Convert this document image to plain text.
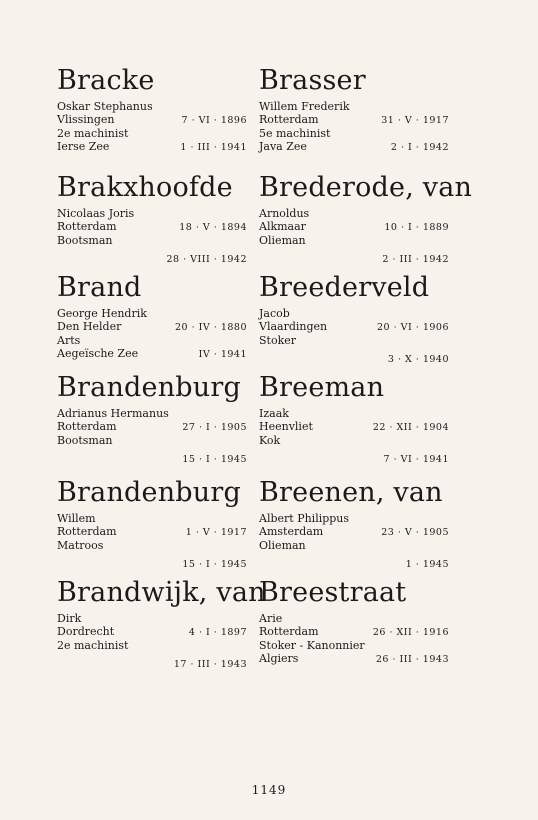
Bracke
Oskar Stephanus
Vlissingen	7 · VI · 1896
2e machinist
Ierse Zee	1 · III · 1941
Brakxhoofde
Nicolaas Joris
Rotterdam	18 · V · 1894
Bootsman
28 · VIII · 1942
Brand
George Hendrik
Den Helder	20 · IV · 1880
Arts
Aegeïsche Zee	IV · 1941
Brandenburg
Adrianus Hermanus
Rotterdam	27 · I · 1905
Bootsman
15 · I · 1945
Brandenburg
Willem
Rotterdam	1 · V · 1917
Matroos
15 · I · 1945
Brandwijk, van
Dirk
Dordrecht	4 · I · 1897
2e machinist
17 · III · 1943
Brasser
Willem Frederik
Rotterdam	31 · V · 1917
5e machinist
Java Zee	2 · I · 1942
Brederode, van
Arnoldus
Alkmaar	10 · I · 1889
Olieman
2 · III · 1942
Breederveld
Jacob
Vlaardingen	20 · VI · 1906
Stoker
3 · X · 1940
Breeman
Izaak
Heenvliet	22 · XII · 1904
Kok
7 · VI · 1941
Breenen, van
Albert Philippus
Amsterdam	23 · V · 1905
Olieman
1 · 1945
Breestraat
Arie
Rotterdam	26 · XII · 1916
Stoker - Kanonnier
Algiers	26 · III · 1943
1149
